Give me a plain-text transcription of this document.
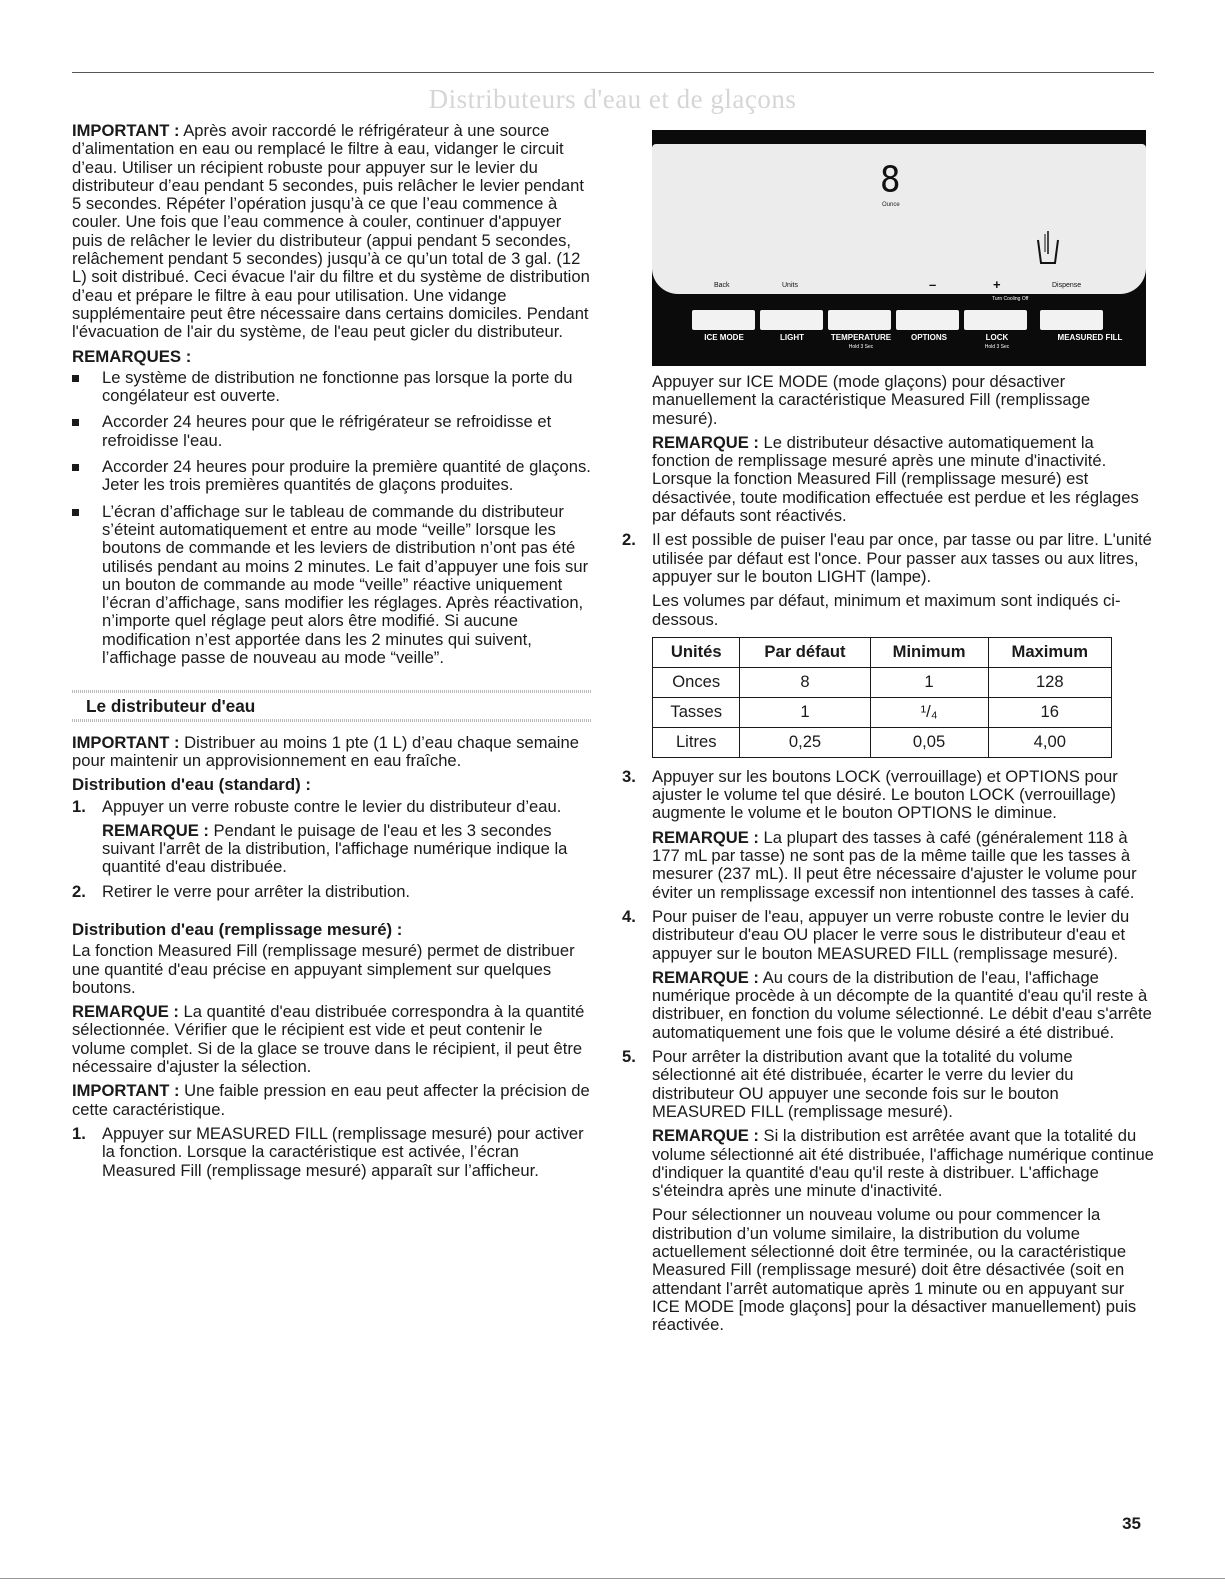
Distributeurs d'eau et de glaçons

IMPORTANT : Après avoir raccordé le réfrigérateur à une source d’alimentation en eau ou remplacé le filtre à eau, vidanger le circuit d’eau. Utiliser un récipient robuste pour appuyer sur le levier du distributeur d’eau pendant 5 secondes, puis relâcher le levier pendant 5 secondes. Répéter l’opération jusqu’à ce que l’eau commence à couler. Une fois que l’eau commence à couler, continuer d'appuyer puis de relâcher le levier du distributeur (appui pendant 5 secondes, relâchement pendant 5 secondes) jusqu’à ce qu’un total de 3 gal. (12 L) soit distribué. Ceci évacue l'air du filtre et du système de distribution d’eau et prépare le filtre à eau pour utilisation. Une vidange supplémentaire peut être nécessaire dans certains domiciles. Pendant l'évacuation de l'air du système, de l'eau peut gicler du distributeur.

REMARQUES :
Le système de distribution ne fonctionne pas lorsque la porte du congélateur est ouverte.
Accorder 24 heures pour que le réfrigérateur se refroidisse et refroidisse l'eau.
Accorder 24 heures pour produire la première quantité de glaçons. Jeter les trois premières quantités de glaçons produites.
L’écran d’affichage sur le tableau de commande du distributeur s’éteint automatiquement et entre au mode “veille” lorsque les boutons de commande et les leviers de distribution n’ont pas été utilisés pendant au moins 2 minutes. Le fait d’appuyer une fois sur un bouton de commande au mode “veille” réactive uniquement l’écran d’affichage, sans modifier les réglages. Après réactivation, n’importe quel réglage peut alors être modifié. Si aucune modification n’est apportée dans les 2 minutes qui suivent, l’affichage passe de nouveau au mode “veille”.
Le distributeur d'eau

IMPORTANT : Distribuer au moins 1 pte (1 L) d’eau chaque semaine pour maintenir un approvisionnement en eau fraîche.

Distribution d'eau (standard) :
1. Appuyer un verre robuste contre le levier du distributeur d’eau.

REMARQUE : Pendant le puisage de l'eau et les 3 secondes suivant l'arrêt de la distribution, l'affichage numérique indique la quantité d'eau distribuée.

2. Retirer le verre pour arrêter la distribution.

Distribution d'eau (remplissage mesuré) :

La fonction Measured Fill (remplissage mesuré) permet de distribuer une quantité d'eau précise en appuyant simplement sur quelques boutons.

REMARQUE : La quantité d'eau distribuée correspondra à la quantité sélectionnée. Vérifier que le récipient est vide et peut contenir le volume complet. Si de la glace se trouve dans le récipient, il peut être nécessaire d'ajuster la sélection.

IMPORTANT : Une faible pression en eau peut affecter la précision de cette caractéristique.

1. Appuyer sur MEASURED FILL (remplissage mesuré) pour activer la fonction. Lorsque la caractéristique est activée, l’écran Measured Fill (remplissage mesuré) apparaît sur l’afficheur.

8
Ounce
Back	Units	–	+	Dispense
Turn Cooling Off
ICE MODE	LIGHT	TEMPERATURE	OPTIONS	LOCK	MEASURED FILL
Hold 3 Sec	Hold 3 Sec

Appuyer sur ICE MODE (mode glaçons) pour désactiver manuellement la caractéristique Measured Fill (remplissage mesuré).

REMARQUE : Le distributeur désactive automatiquement la fonction de remplissage mesuré après une minute d'inactivité. Lorsque la fonction Measured Fill (remplissage mesuré) est désactivée, toute modification effectuée est perdue et les réglages par défauts sont réactivés.

2. Il est possible de puiser l'eau par once, par tasse ou par litre. L'unité utilisée par défaut est l'once. Pour passer aux tasses ou aux litres, appuyer sur le bouton LIGHT (lampe).

Les volumes par défaut, minimum et maximum sont indiqués ci-dessous.

Unités	Par défaut	Minimum	Maximum
Onces	8	1	128
Tasses	1	¹/₄	16
Litres	0,25	0,05	4,00
3. Appuyer sur les boutons LOCK (verrouillage) et OPTIONS pour ajuster le volume tel que désiré. Le bouton LOCK (verrouillage) augmente le volume et le bouton OPTIONS le diminue.

REMARQUE : La plupart des tasses à café (généralement 118 à 177 mL par tasse) ne sont pas de la même taille que les tasses à mesurer (237 mL). Il peut être nécessaire d'ajuster le volume pour éviter un remplissage excessif non intentionnel des tasses à café.

4. Pour puiser de l'eau, appuyer un verre robuste contre le levier du distributeur d'eau OU placer le verre sous le distributeur d'eau et appuyer sur le bouton MEASURED FILL (remplissage mesuré).

REMARQUE : Au cours de la distribution de l'eau, l'affichage numérique procède à un décompte de la quantité d'eau qu'il reste à distribuer, en fonction du volume sélectionné. Le débit d'eau s'arrête automatiquement une fois que le volume désiré a été distribué.

5. Pour arrêter la distribution avant que la totalité du volume sélectionné ait été distribuée, écarter le verre du levier du distributeur OU appuyer une seconde fois sur le bouton MEASURED FILL (remplissage mesuré).

REMARQUE : Si la distribution est arrêtée avant que la totalité du volume sélectionné ait été distribuée, l'affichage numérique continue d'indiquer la quantité d'eau qu'il reste à distribuer. L'affichage s'éteindra après une minute d'inactivité.

Pour sélectionner un nouveau volume ou pour commencer la distribution d’un volume similaire, la distribution du volume actuellement sélectionné doit être terminée, ou la caractéristique Measured Fill (remplissage mesuré) doit être désactivée (soit en attendant l’arrêt automatique après 1 minute ou en appuyant sur ICE MODE [mode glaçons] pour la désactiver manuellement) puis réactivée.

35
